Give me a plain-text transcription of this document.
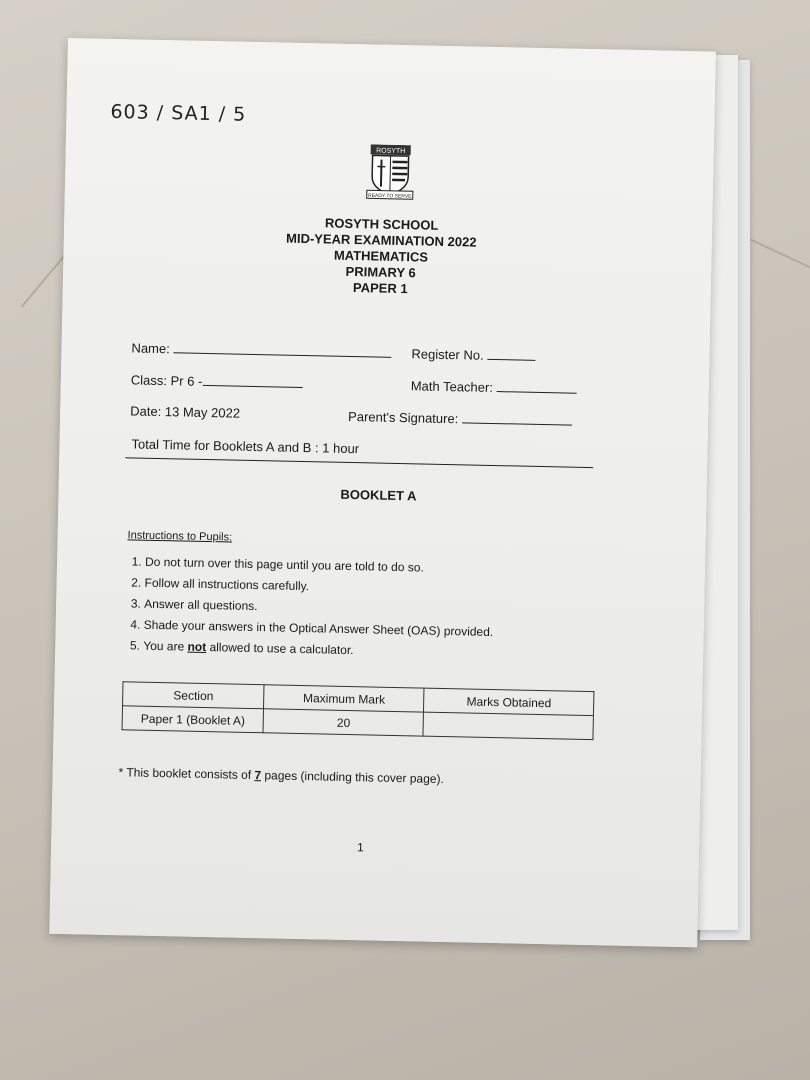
603 / SA1 / 5
ROSYTH
READY TO SERVE
ROSYTH SCHOOL
MID-YEAR EXAMINATION 2022
MATHEMATICS
PRIMARY 6
PAPER 1
Name:	Register No.
Class: Pr 6 -	Math Teacher:
Date: 13 May 2022	Parent's Signature:
Total Time for Booklets A and B : 1 hour
BOOKLET A
Instructions to Pupils:
1. Do not turn over this page until you are told to do so.
2. Follow all instructions carefully.
3. Answer all questions.
4. Shade your answers in the Optical Answer Sheet (OAS) provided.
5. You are not allowed to use a calculator.
Section	Maximum Mark	Marks Obtained
Paper 1 (Booklet A)	20	
* This booklet consists of 7 pages (including this cover page).
1
